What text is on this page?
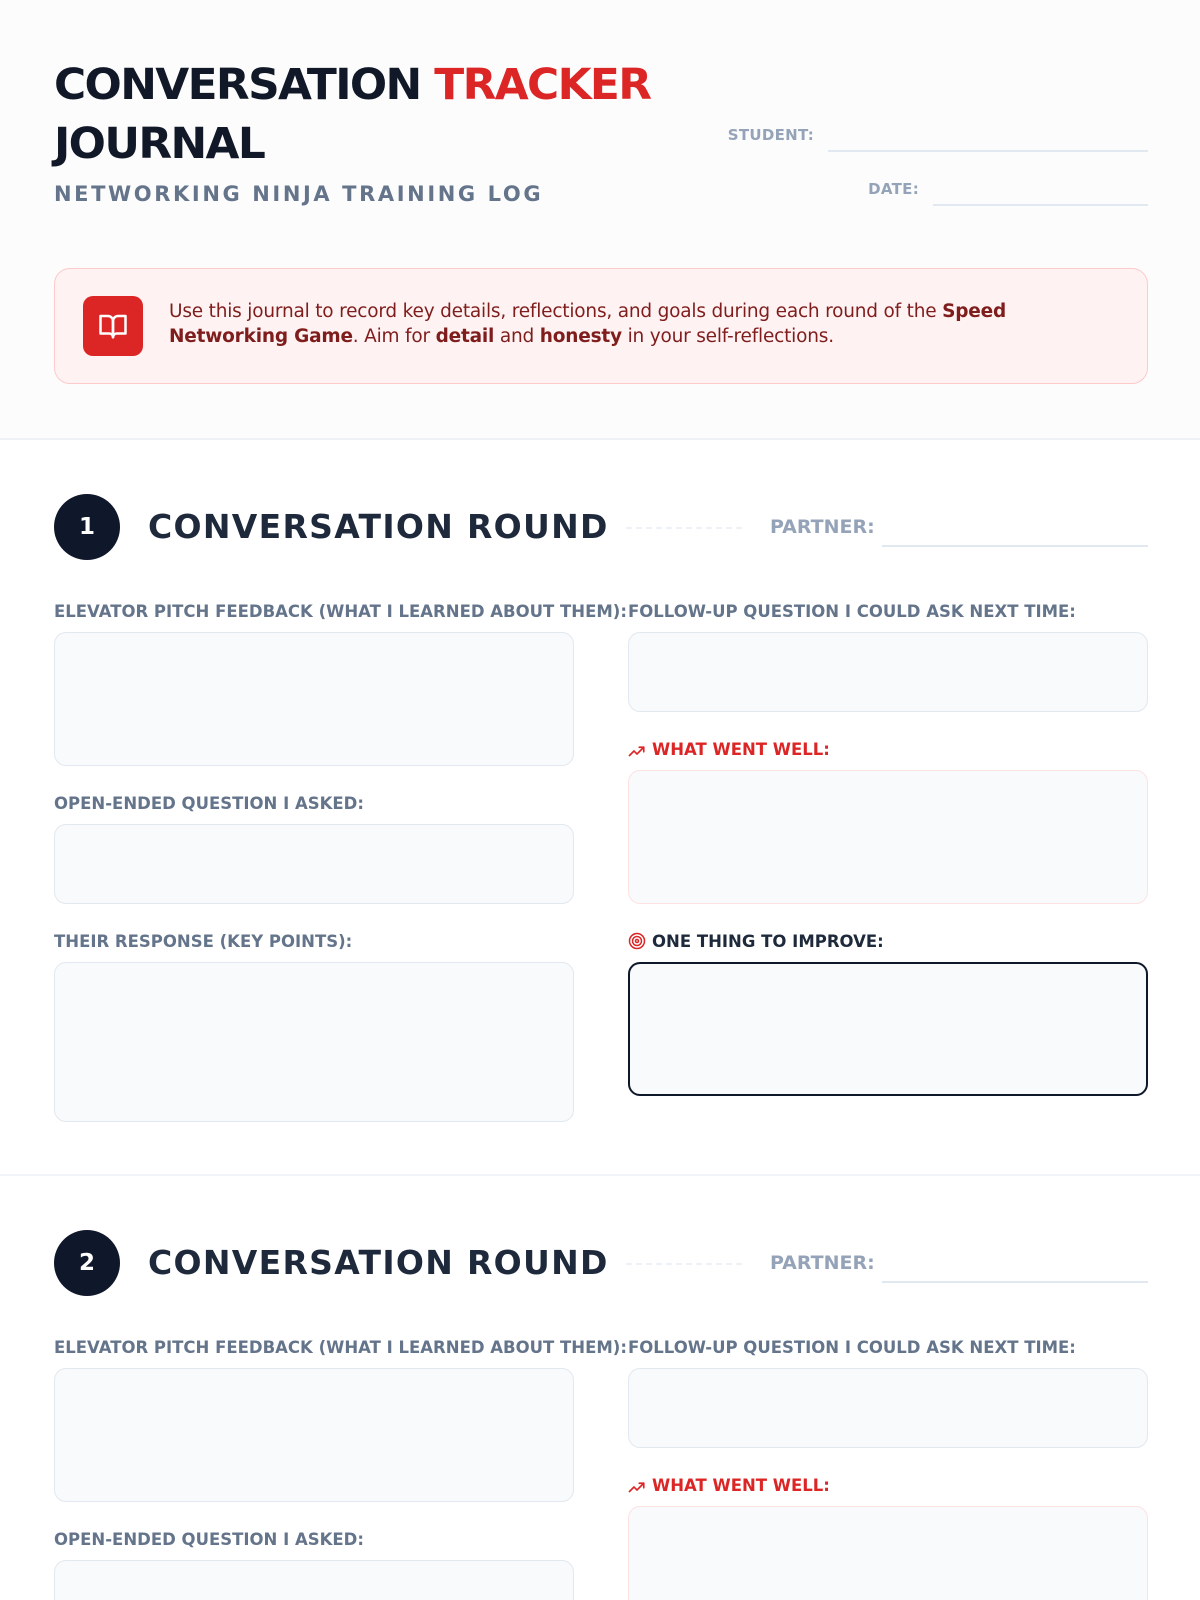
CONVERSATION TRACKER
JOURNAL
NETWORKING NINJA TRAINING LOG
STUDENT:
DATE:
Use this journal to record key details, reflections, and goals during each round of the Speed Networking Game. Aim for detail and honesty in your self-reflections.
1	CONVERSATION ROUND	PARTNER:
ELEVATOR PITCH FEEDBACK (WHAT I LEARNED ABOUT THEM):
OPEN-ENDED QUESTION I ASKED:
THEIR RESPONSE (KEY POINTS):
FOLLOW-UP QUESTION I COULD ASK NEXT TIME:
WHAT WENT WELL:
ONE THING TO IMPROVE:
2	CONVERSATION ROUND	PARTNER:
ELEVATOR PITCH FEEDBACK (WHAT I LEARNED ABOUT THEM):
OPEN-ENDED QUESTION I ASKED:
FOLLOW-UP QUESTION I COULD ASK NEXT TIME:
WHAT WENT WELL:
